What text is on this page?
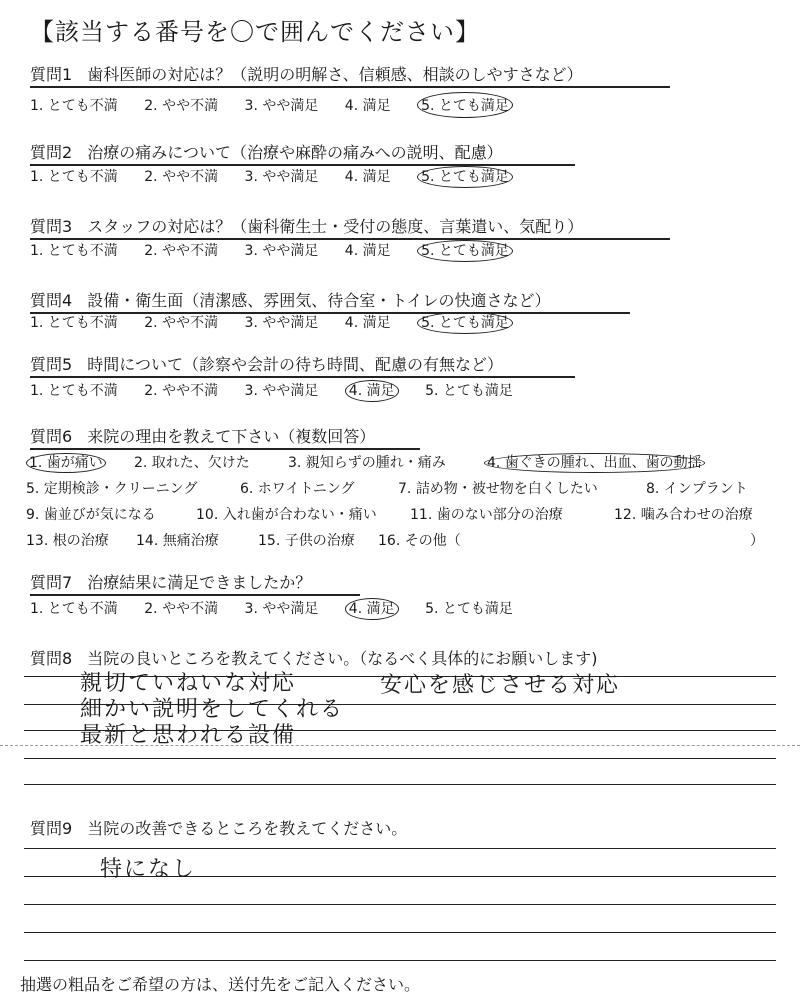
【該当する番号を〇で囲んでください】
質問1 歯科医師の対応は？（説明の明解さ、信頼感、相談のしやすさなど）
1. とても不満 2. やや不満 3. やや満足 4. 満足 5. とても満足
質問2 治療の痛みについて（治療や麻酔の痛みへの説明、配慮）
1. とても不満 2. やや不満 3. やや満足 4. 満足 5. とても満足
質問3 スタッフの対応は？（歯科衛生士・受付の態度、言葉遣い、気配り）
1. とても不満 2. やや不満 3. やや満足 4. 満足 5. とても満足
質問4 設備・衛生面（清潔感、雰囲気、待合室・トイレの快適さなど）
1. とても不満 2. やや不満 3. やや満足 4. 満足 5. とても満足
質問5 時間について（診察や会計の待ち時間、配慮の有無など）
1. とても不満 2. やや不満 3. やや満足 4. 満足 5. とても満足
質問6 来院の理由を教えて下さい（複数回答）
1. 歯が痛い 2. 取れた、欠けた	3. 親知らずの腫れ・痛み	4. 歯ぐきの腫れ、出血、歯の動揺
5. 定期検診・クリーニング	6. ホワイトニング	7. 詰め物・被せ物を白くしたい	8. インプラント
9. 歯並びが気になる	10. 入れ歯が合わない・痛い 11. 歯のない部分の治療	12. 噛み合わせの治療
13. 根の治療 14. 無痛治療	15. 子供の治療 16. その他（	）
質問7 治療結果に満足できましたか？
1. とても不満 2. やや不満 3. やや満足 4. 満足 5. とても満足
質問8 当院の良いところを教えてください。（なるべく具体的にお願いします)
親切ていねいな対応	安心を感じさせる対応
細かい説明をしてくれる
最新と思われる設備
質問9 当院の改善できるところを教えてください。
特になし
抽選の粗品をご希望の方は、送付先をご記入ください。
